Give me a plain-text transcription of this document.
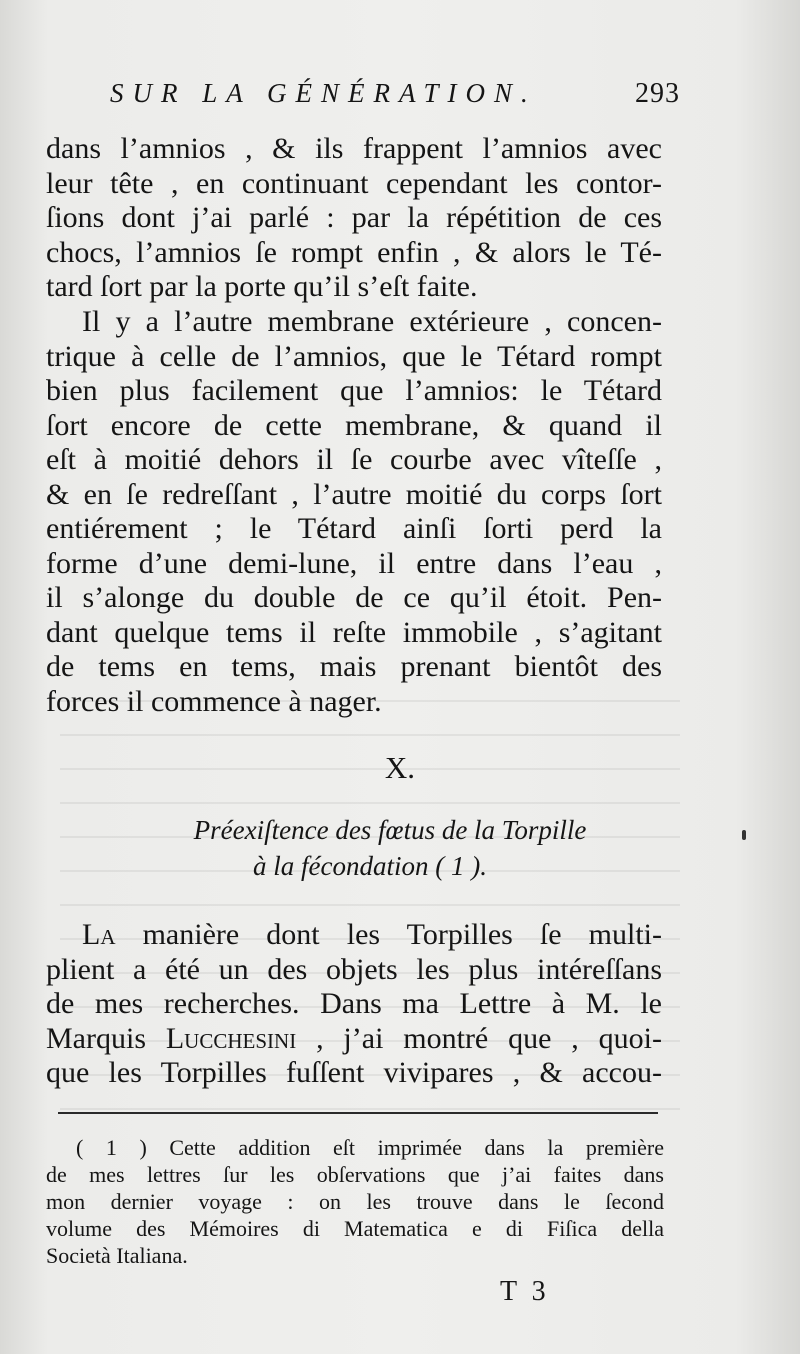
SUR LA GÉNÉRATION.	293
dans l’amnios , & ils frappent l’amnios avec
leur tête , en continuant cependant les contor-
ſions dont j’ai parlé : par la répétition de ces
chocs, l’amnios ſe rompt enfin , & alors le Té-
tard ſort par la porte qu’il s’eſt faite.
Il y a l’autre membrane extérieure , concen-
trique à celle de l’amnios, que le Tétard rompt
bien plus facilement que l’amnios: le Tétard
ſort encore de cette membrane, & quand il
eſt à moitié dehors il ſe courbe avec vîteſſe ,
& en ſe redreſſant , l’autre moitié du corps ſort
entiérement ; le Tétard ainſi ſorti perd la
forme d’une demi-lune, il entre dans l’eau ,
il s’alonge du double de ce qu’il étoit. Pen-
dant quelque tems il reſte immobile , s’agitant
de tems en tems, mais prenant bientôt des
forces il commence à nager.
X.
Préexiſtence des fœtus de la Torpille
à la fécondation ( 1 ).
La manière dont les Torpilles ſe multi-
plient a été un des objets les plus intéreſſans
de mes recherches. Dans ma Lettre à M. le
Marquis Lucchesini , j’ai montré que , quoi-
que les Torpilles fuſſent vivipares , & accou-
( 1 ) Cette addition eſt imprimée dans la première
de mes lettres ſur les obſervations que j’ai faites dans
mon dernier voyage : on les trouve dans le ſecond
volume des Mémoires di Matematica e di Fiſica della
Società Italiana.
T 3
